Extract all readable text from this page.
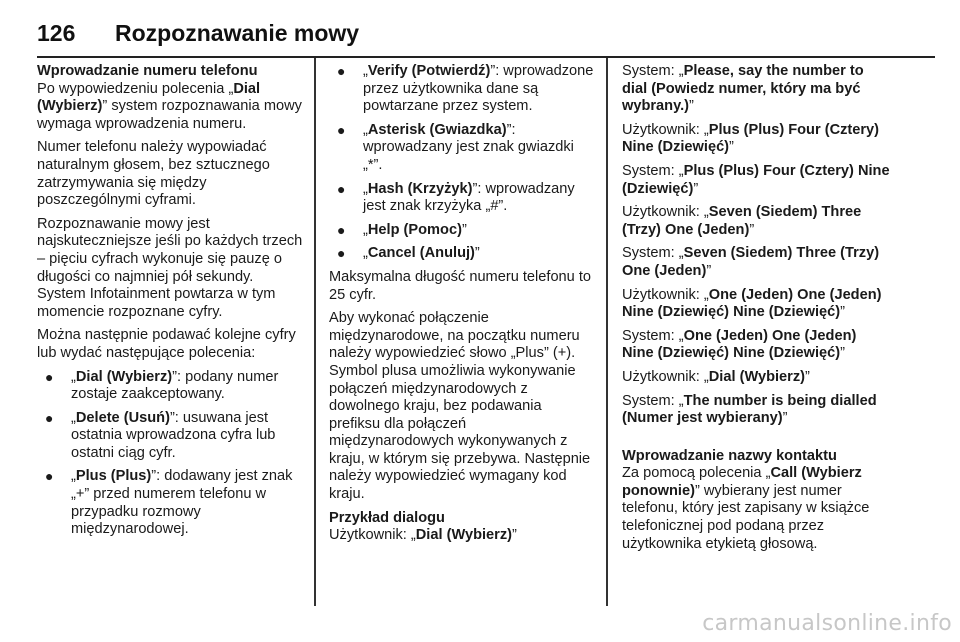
126 Rozpoznawanie mowy

Wprowadzanie numeru telefonu

Po wypowiedzeniu polecenia „Dial (Wybierz)” system rozpoznawania mowy wymaga wprowadzenia numeru.

Numer telefonu należy wypowiadać naturalnym głosem, bez sztucznego zatrzymywania się między poszczególnymi cyframi.

Rozpoznawanie mowy jest najskuteczniejsze jeśli po każdych trzech – pięciu cyfrach wykonuje się pauzę o długości co najmniej pół sekundy. System Infotainment powtarza w tym momencie rozpoznane cyfry.

Można następnie podawać kolejne cyfry lub wydać następujące polecenia:

● „Dial (Wybierz)”: podany numer zostaje zaakceptowany.
● „Delete (Usuń)”: usuwana jest ostatnia wprowadzona cyfra lub ostatni ciąg cyfr.
● „Plus (Plus)”: dodawany jest znak „+” przed numerem telefonu w przypadku rozmowy międzynarodowej.
● „Verify (Potwierdź)”: wprowadzone przez użytkownika dane są powtarzane przez system.
● „Asterisk (Gwiazdka)”: wprowadzany jest znak gwiazdki „*”.
● „Hash (Krzyżyk)”: wprowadzany jest znak krzyżyka „#”.
● „Help (Pomoc)”
● „Cancel (Anuluj)”

Maksymalna długość numeru telefonu to 25 cyfr.

Aby wykonać połączenie międzynarodowe, na początku numeru należy wypowiedzieć słowo „Plus” (+). Symbol plusa umożliwia wykonywanie połączeń międzynarodowych z dowolnego kraju, bez podawania prefiksu dla połączeń międzynarodowych wykonywanych z kraju, w którym się przebywa. Następnie należy wypowiedzieć wymagany kod kraju.

Przykład dialogu

Użytkownik: „Dial (Wybierz)”

System: „Please, say the number to dial (Powiedz numer, który ma być wybrany.)”

Użytkownik: „Plus (Plus) Four (Cztery) Nine (Dziewięć)”

System: „Plus (Plus) Four (Cztery) Nine (Dziewięć)”

Użytkownik: „Seven (Siedem) Three (Trzy) One (Jeden)”

System: „Seven (Siedem) Three (Trzy) One (Jeden)”

Użytkownik: „One (Jeden) One (Jeden) Nine (Dziewięć) Nine (Dziewięć)”

System: „One (Jeden) One (Jeden) Nine (Dziewięć) Nine (Dziewięć)”

Użytkownik: „Dial (Wybierz)”

System: „The number is being dialled (Numer jest wybierany)”

Wprowadzanie nazwy kontaktu

Za pomocą polecenia „Call (Wybierz ponownie)” wybierany jest numer telefonu, który jest zapisany w książce telefonicznej pod podaną przez użytkownika etykietą głosową.

carmanualsonline.info
